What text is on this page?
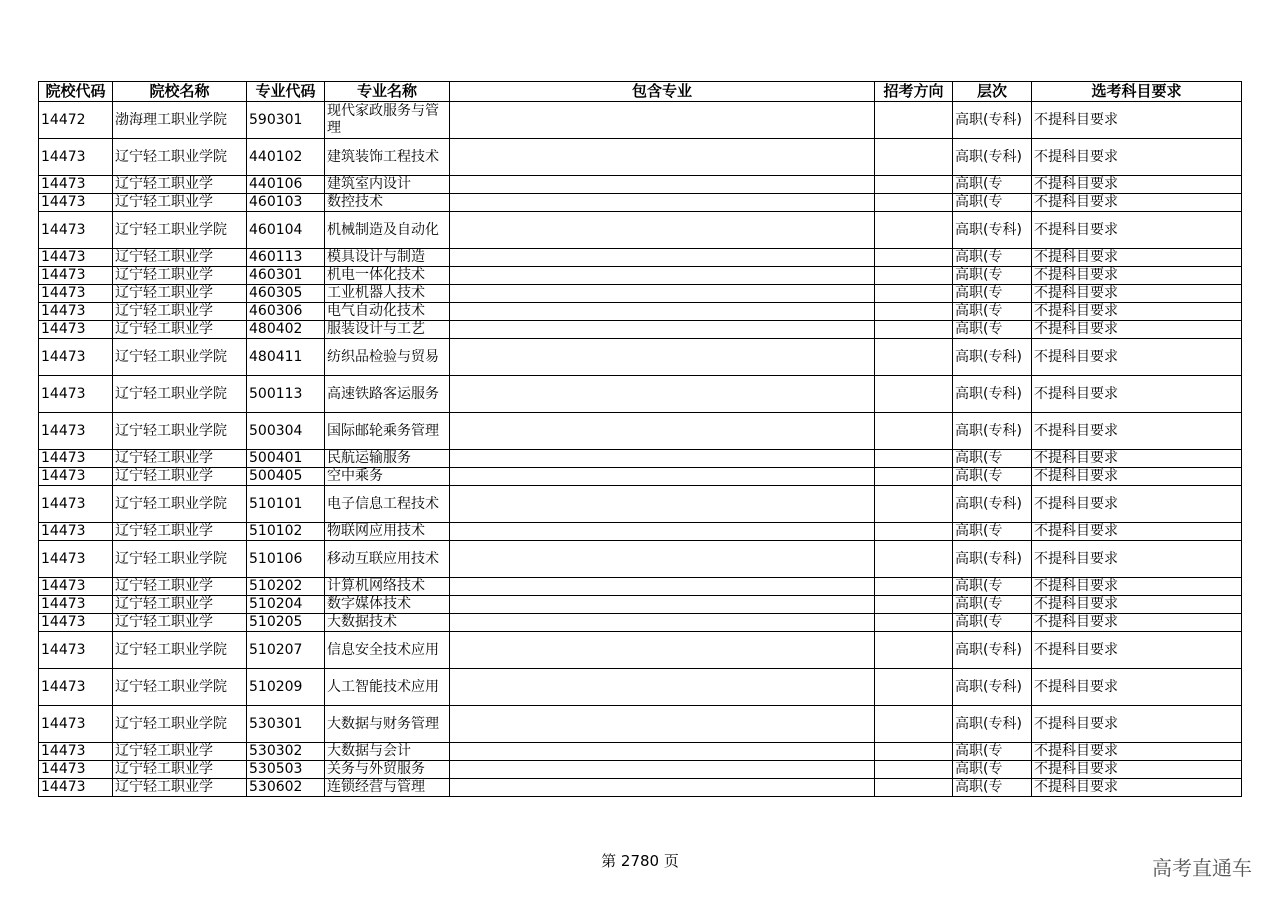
院校代码	院校名称	专业代码	专业名称	包含专业	招考方向	层次	选考科目要求

14472	渤海理工职业学院	590301	现代家政服务与管理			高职(专科)	不提科目要求

14473	辽宁轻工职业学院	440102	建筑装饰工程技术			高职(专科)	不提科目要求

14473	辽宁轻工职业学	440106	建筑室内设计			高职(专	不提科目要求

14473	辽宁轻工职业学	460103	数控技术			高职(专	不提科目要求

14473	辽宁轻工职业学院	460104	机械制造及自动化			高职(专科)	不提科目要求

14473	辽宁轻工职业学	460113	模具设计与制造			高职(专	不提科目要求

14473	辽宁轻工职业学	460301	机电一体化技术			高职(专	不提科目要求

14473	辽宁轻工职业学	460305	工业机器人技术			高职(专	不提科目要求

14473	辽宁轻工职业学	460306	电气自动化技术			高职(专	不提科目要求

14473	辽宁轻工职业学	480402	服装设计与工艺			高职(专	不提科目要求

14473	辽宁轻工职业学院	480411	纺织品检验与贸易			高职(专科)	不提科目要求

14473	辽宁轻工职业学院	500113	高速铁路客运服务			高职(专科)	不提科目要求

14473	辽宁轻工职业学院	500304	国际邮轮乘务管理			高职(专科)	不提科目要求

14473	辽宁轻工职业学	500401	民航运输服务			高职(专	不提科目要求

14473	辽宁轻工职业学	500405	空中乘务			高职(专	不提科目要求

14473	辽宁轻工职业学院	510101	电子信息工程技术			高职(专科)	不提科目要求

14473	辽宁轻工职业学	510102	物联网应用技术			高职(专	不提科目要求

14473	辽宁轻工职业学院	510106	移动互联应用技术			高职(专科)	不提科目要求

14473	辽宁轻工职业学	510202	计算机网络技术			高职(专	不提科目要求

14473	辽宁轻工职业学	510204	数字媒体技术			高职(专	不提科目要求

14473	辽宁轻工职业学	510205	大数据技术			高职(专	不提科目要求

14473	辽宁轻工职业学院	510207	信息安全技术应用			高职(专科)	不提科目要求

14473	辽宁轻工职业学院	510209	人工智能技术应用			高职(专科)	不提科目要求

14473	辽宁轻工职业学院	530301	大数据与财务管理			高职(专科)	不提科目要求

14473	辽宁轻工职业学	530302	大数据与会计			高职(专	不提科目要求

14473	辽宁轻工职业学	530503	关务与外贸服务			高职(专	不提科目要求

14473	辽宁轻工职业学	530602	连锁经营与管理			高职(专	不提科目要求
第 2780 页	高考直通车
